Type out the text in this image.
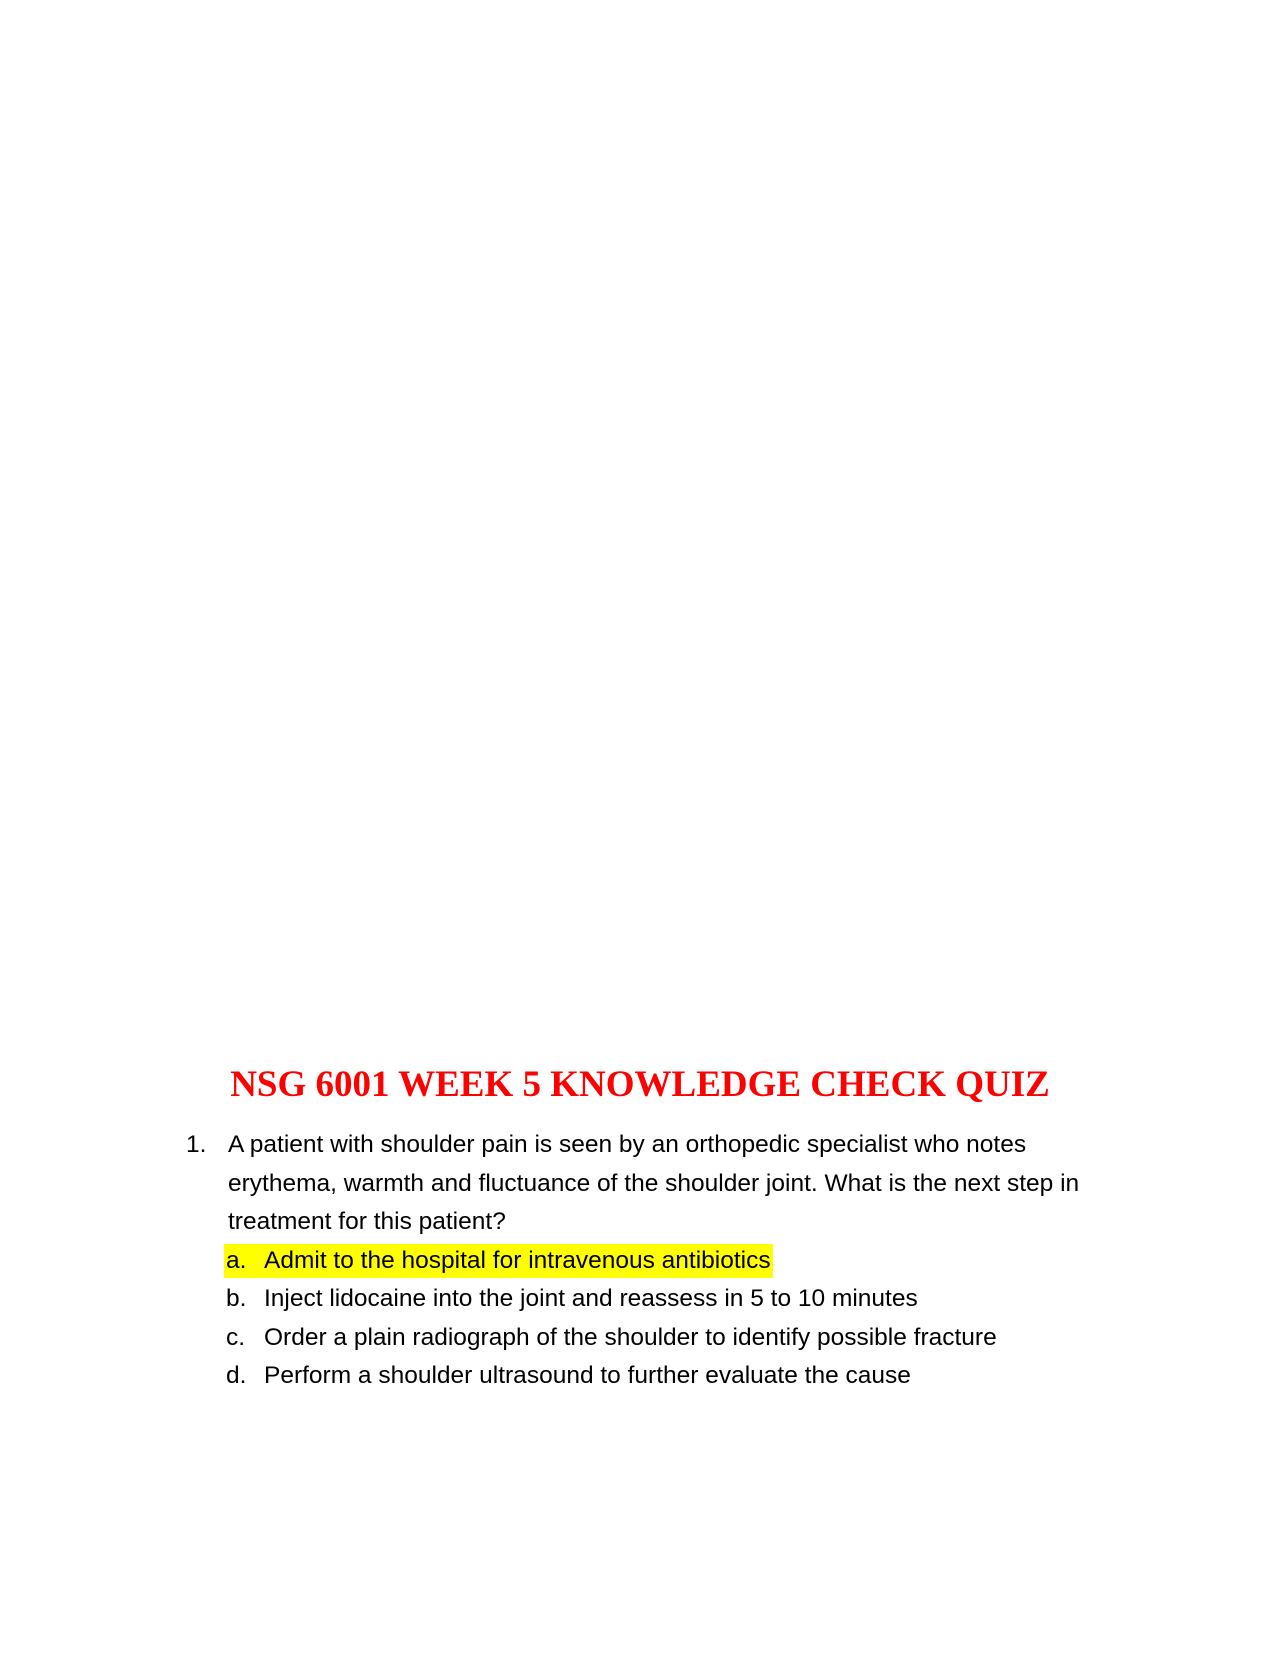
NSG 6001 WEEK 5 KNOWLEDGE CHECK QUIZ
1. A patient with shoulder pain is seen by an orthopedic specialist who notes erythema, warmth and fluctuance of the shoulder joint. What is the next step in treatment for this patient?
a. Admit to the hospital for intravenous antibiotics
b. Inject lidocaine into the joint and reassess in 5 to 10 minutes
c. Order a plain radiograph of the shoulder to identify possible fracture
d. Perform a shoulder ultrasound to further evaluate the cause
